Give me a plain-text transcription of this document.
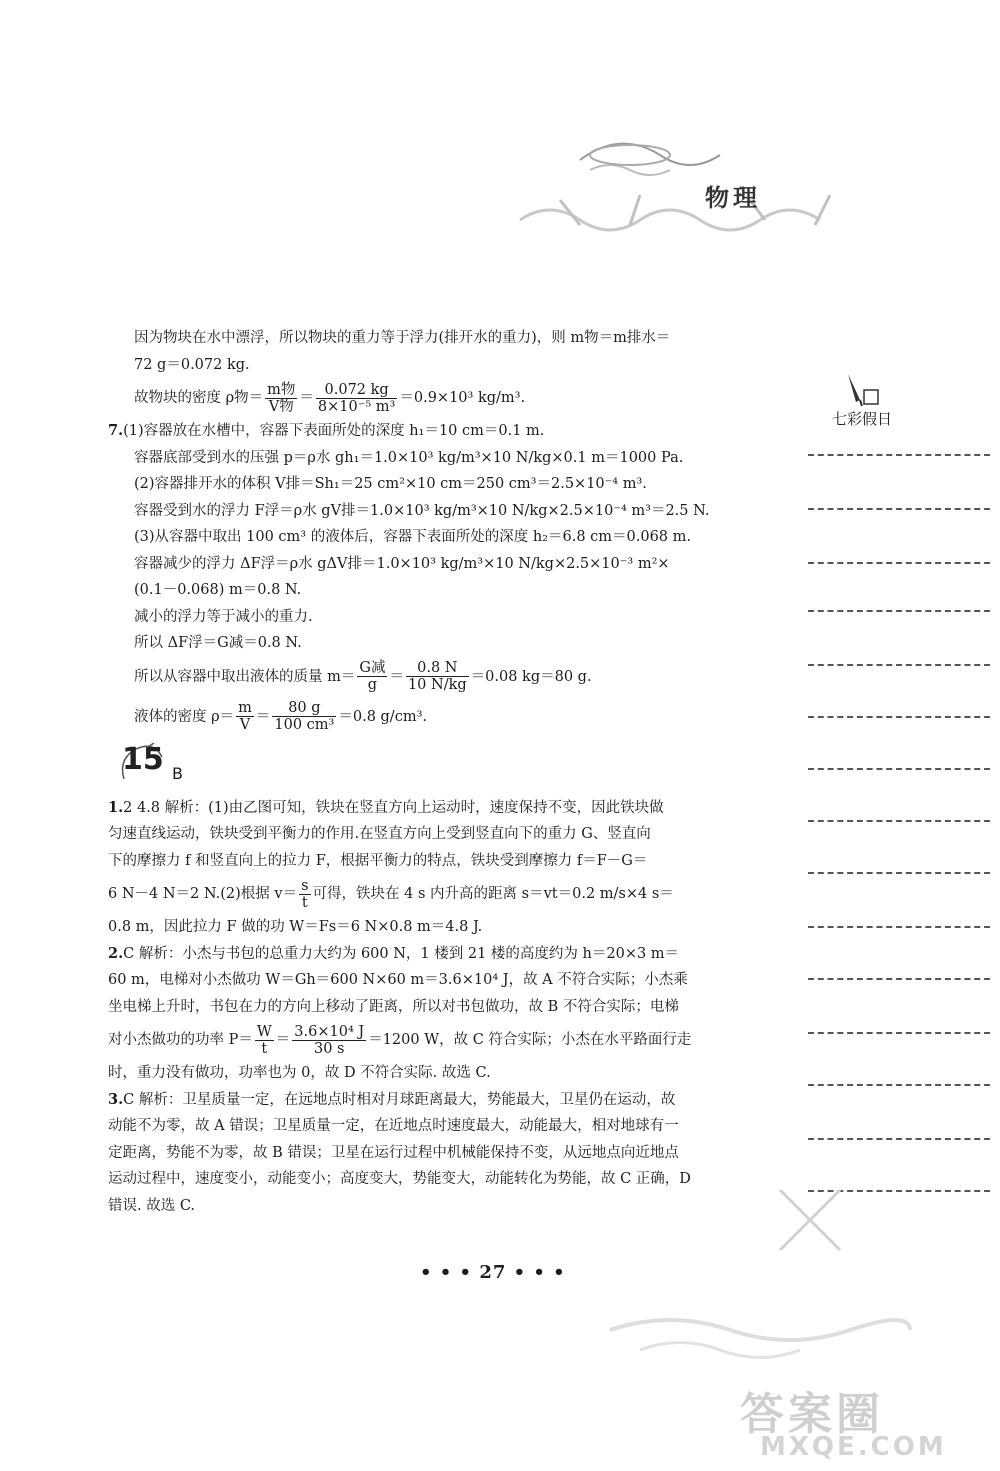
物理
七彩假日

因为物块在水中漂浮，所以物块的重力等于浮力(排开水的重力)，则 m物＝m排水＝

72 g＝0.072 kg.

故物块的密度 ρ物＝ $\frac{\text{m物}}{\text{V物}} = \frac{0.072 kg}{\text{8×10⁻⁵ m³}} =0.9\times 10^3$ kg/m³.

7.(1)容器放在水槽中，容器下表面所处的深度 h₁＝10 cm＝0.1 m.

容器底部受到水的压强 p＝ρ水 gh₁＝1.0×10³ kg/m³×10 N/kg×0.1 m＝1000 Pa.

(2)容器排开水的体积 V排＝Sh₁＝25 cm²×10 cm＝250 cm³＝2.5×10⁻⁴ m³.

容器受到水的浮力 F浮＝ρ水 gV排＝1.0×10³ kg/m³×10 N/kg×2.5×10⁻⁴ m³＝2.5 N.

(3)从容器中取出 100 cm³ 的液体后，容器下表面所处的深度 h₂＝6.8 cm＝0.068 m.

容器减少的浮力 ΔF浮＝ρ水 gΔV排＝1.0×10³ kg/m³×10 N/kg×2.5×10⁻³ m²×

(0.1－0.068) m＝0.8 N.

减小的浮力等于减小的重力.

所以 ΔF浮＝G减＝0.8 N.

所以从容器中取出液体的质量 $m= \frac{\text{G减}}{g} = \frac{0.8 N}{10 N/kg} =0.08$ kg＝80 g.

液体的密度 $\rho= \frac{m}{V} = \frac{80 g}{\text{100 cm³}} =0.8$ g/cm³.

15 B

1.2 4.8 解析：(1)由乙图可知，铁块在竖直方向上运动时，速度保持不变，因此铁块做

匀速直线运动，铁块受到平衡力的作用.在竖直方向上受到竖直向下的重力 G、竖直向

下的摩擦力 f 和竖直向上的拉力 F，根据平衡力的特点，铁块受到摩擦力 f＝F－G＝

6 N－4 N＝2 N.(2)根据 $v= \frac{s}{t}$ 可得，铁块在 4 s 内升高的距离 s＝vt＝0.2 m/s×4 s＝

0.8 m，因此拉力 F 做的功 W＝Fs＝6 N×0.8 m＝4.8 J.

2.C 解析：小杰与书包的总重力大约为 600 N，1 楼到 21 楼的高度约为 h＝20×3 m＝

60 m，电梯对小杰做功 W＝Gh＝600 N×60 m＝3.6×10⁴ J，故 A 不符合实际；小杰乘

坐电梯上升时，书包在力的方向上移动了距离，所以对书包做功，故 B 不符合实际；电梯

对小杰做功的功率 $P= \frac{W}{t} = \frac{\text{3.6×10⁴ J}}{30 s} =1200$ W，故 C 符合实际；小杰在水平路面行走

时，重力没有做功，功率也为 0，故 D 不符合实际. 故选 C.

3.C 解析：卫星质量一定，在远地点时相对月球距离最大，势能最大，卫星仍在运动，故

动能不为零，故 A 错误；卫星质量一定，在近地点时速度最大，动能最大，相对地球有一

定距离，势能不为零，故 B 错误；卫星在运行过程中机械能保持不变，从远地点向近地点

运动过程中，速度变小，动能变小；高度变大，势能变大，动能转化为势能，故 C 正确，D

错误. 故选 C.

• • • 27 • • •
答案圈
MXQE.COM
